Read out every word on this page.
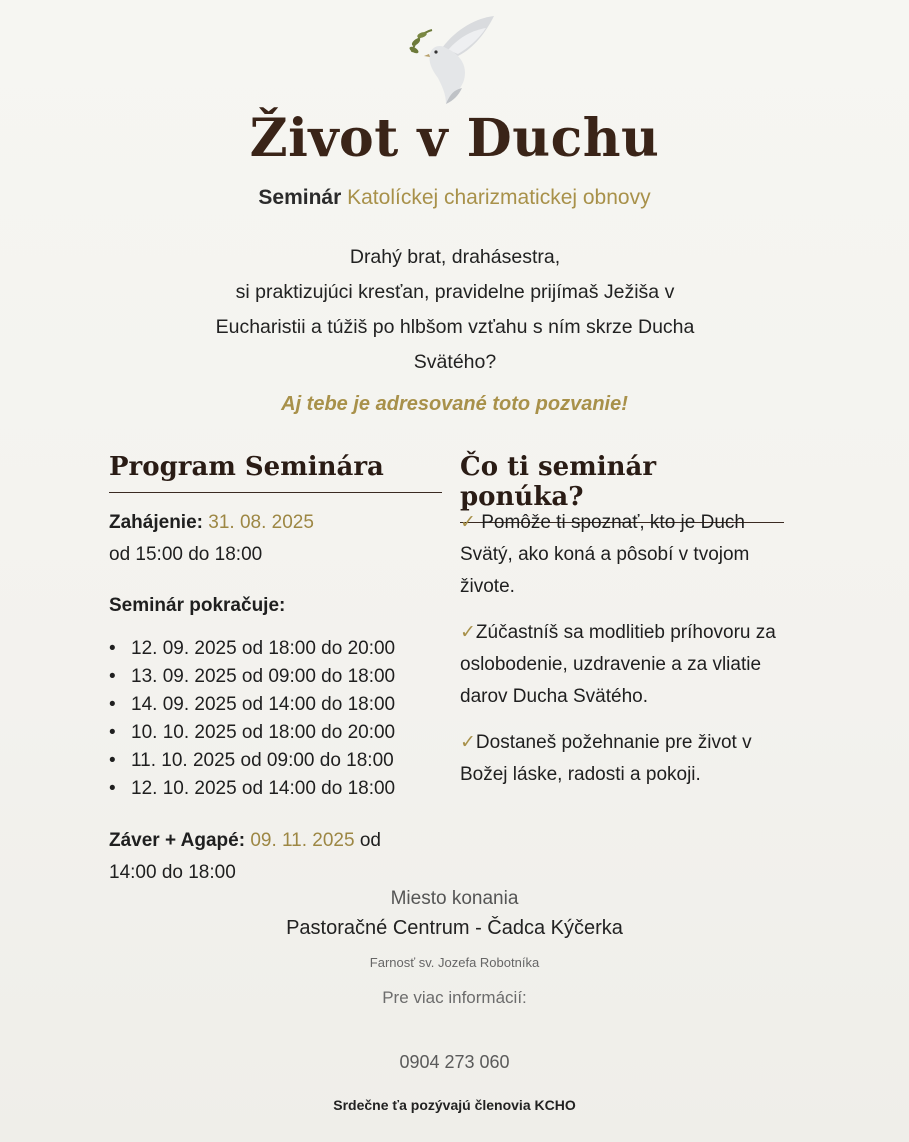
Život v Duchu
Seminár Katolíckej charizmatickej obnovy
Drahý brat, drahásestra,
si praktizujúci kresťan, pravidelne prijímaš Ježiša v
Eucharistii a túžiš po hlbšom vzťahu s ním skrze Ducha
Svätého?
Aj tebe je adresované toto pozvanie!
Program Seminára	Čo ti seminár ponúka?
Zahájenie: 31. 08. 2025
od 15:00 do 18:00
Seminár pokračuje:
• 12. 09. 2025 od 18:00 do 20:00
• 13. 09. 2025 od 09:00 do 18:00
• 14. 09. 2025 od 14:00 do 18:00
• 10. 10. 2025 od 18:00 do 20:00
• 11. 10. 2025 od 09:00 do 18:00
• 12. 10. 2025 od 14:00 do 18:00
Záver + Agapé: 09. 11. 2025 od
14:00 do 18:00
✓ Pomôže ti spoznať, kto je Duch Svätý, ako koná a pôsobí v tvojom živote.
✓Zúčastníš sa modlitieb príhovoru za oslobodenie, uzdravenie a za vliatie darov Ducha Svätého.
✓Dostaneš požehnanie pre život v Božej láske, radosti a pokoji.
Miesto konania
Pastoračné Centrum - Čadca Kýčerka
Farnosť sv. Jozefa Robotníka
Pre viac informácií:
0904 273 060
Srdečne ťa pozývajú členovia KCHO
